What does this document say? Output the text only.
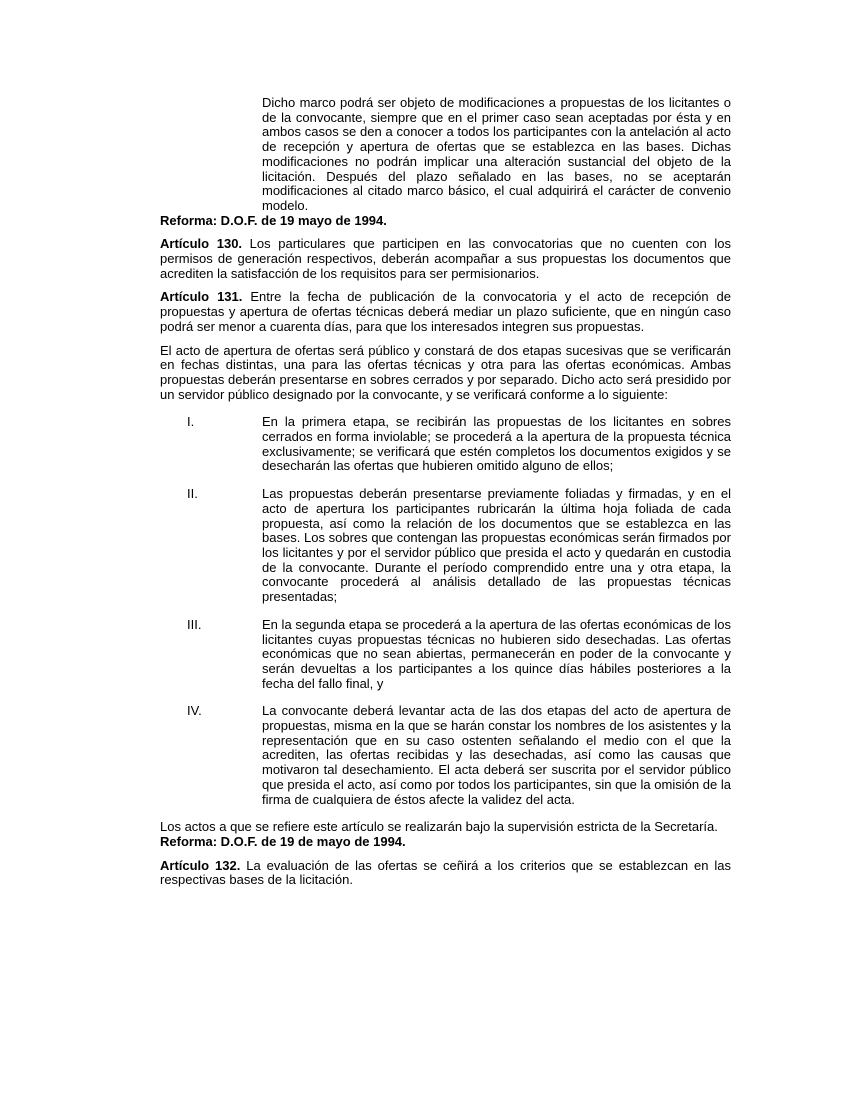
Dicho marco podrá ser objeto de modificaciones a propuestas de los licitantes o de la convocante, siempre que en el primer caso sean aceptadas por ésta y en ambos casos se den a conocer a todos los participantes con la antelación al acto de recepción y apertura de ofertas que se establezca en las bases. Dichas modificaciones no podrán implicar una alteración sustancial del objeto de la licitación. Después del plazo señalado en las bases, no se aceptarán modificaciones al citado marco básico, el cual adquirirá el carácter de convenio modelo.

Reforma: D.O.F. de 19 mayo de 1994.

Artículo 130. Los particulares que participen en las convocatorias que no cuenten con los permisos de generación respectivos, deberán acompañar a sus propuestas los documentos que acrediten la satisfacción de los requisitos para ser permisionarios.

Artículo 131. Entre la fecha de publicación de la convocatoria y el acto de recepción de propuestas y apertura de ofertas técnicas deberá mediar un plazo suficiente, que en ningún caso podrá ser menor a cuarenta días, para que los interesados integren sus propuestas.

El acto de apertura de ofertas será público y constará de dos etapas sucesivas que se verificarán en fechas distintas, una para las ofertas técnicas y otra para las ofertas económicas. Ambas propuestas deberán presentarse en sobres cerrados y por separado. Dicho acto será presidido por un servidor público designado por la convocante, y se verificará conforme a lo siguiente:

I.	En la primera etapa, se recibirán las propuestas de los licitantes en sobres cerrados en forma inviolable; se procederá a la apertura de la propuesta técnica exclusivamente; se verificará que estén completos los documentos exigidos y se desecharán las ofertas que hubieren omitido alguno de ellos;
II.	Las propuestas deberán presentarse previamente foliadas y firmadas, y en el acto de apertura los participantes rubricarán la última hoja foliada de cada propuesta, así como la relación de los documentos que se establezca en las bases. Los sobres que contengan las propuestas económicas serán firmados por los licitantes y por el servidor público que presida el acto y quedarán en custodia de la convocante. Durante el período comprendido entre una y otra etapa, la convocante procederá al análisis detallado de las propuestas técnicas presentadas;
III.	En la segunda etapa se procederá a la apertura de las ofertas económicas de los licitantes cuyas propuestas técnicas no hubieren sido desechadas. Las ofertas económicas que no sean abiertas, permanecerán en poder de la convocante y serán devueltas a los participantes a los quince días hábiles posteriores a la fecha del fallo final, y
IV.	La convocante deberá levantar acta de las dos etapas del acto de apertura de propuestas, misma en la que se harán constar los nombres de los asistentes y la representación que en su caso ostenten señalando el medio con el que la acrediten, las ofertas recibidas y las desechadas, así como las causas que motivaron tal desechamiento. El acta deberá ser suscrita por el servidor público que presida el acto, así como por todos los participantes, sin que la omisión de la firma de cualquiera de éstos afecte la validez del acta.

Los actos a que se refiere este artículo se realizarán bajo la supervisión estricta de la Secretaría.

Reforma: D.O.F. de 19 de mayo de 1994.

Artículo 132. La evaluación de las ofertas se ceñirá a los criterios que se establezcan en las respectivas bases de la licitación.
